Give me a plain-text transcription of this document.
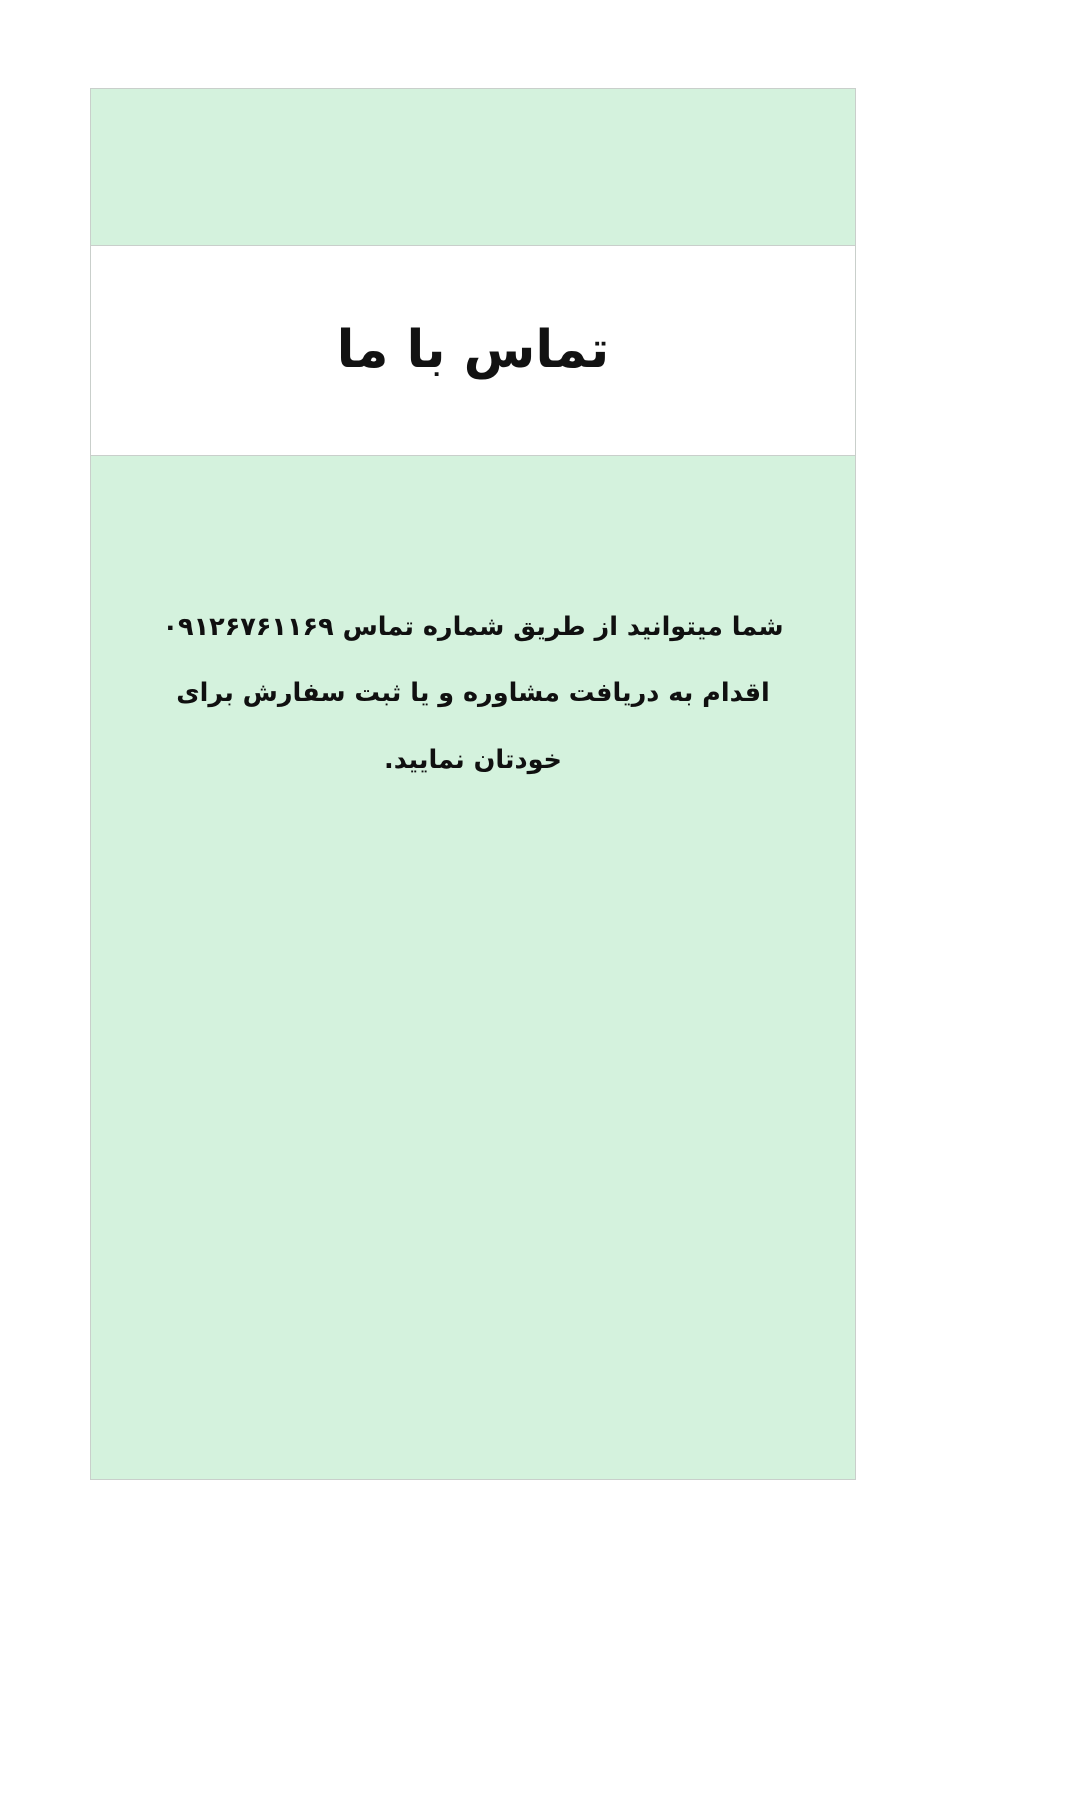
تماس با ما

شما میتوانید از طریق شماره تماس ۰۹۱۲۶۷۶۱۱۶۹ اقدام به دریافت مشاوره و یا ثبت سفارش برای خودتان نمایید.
